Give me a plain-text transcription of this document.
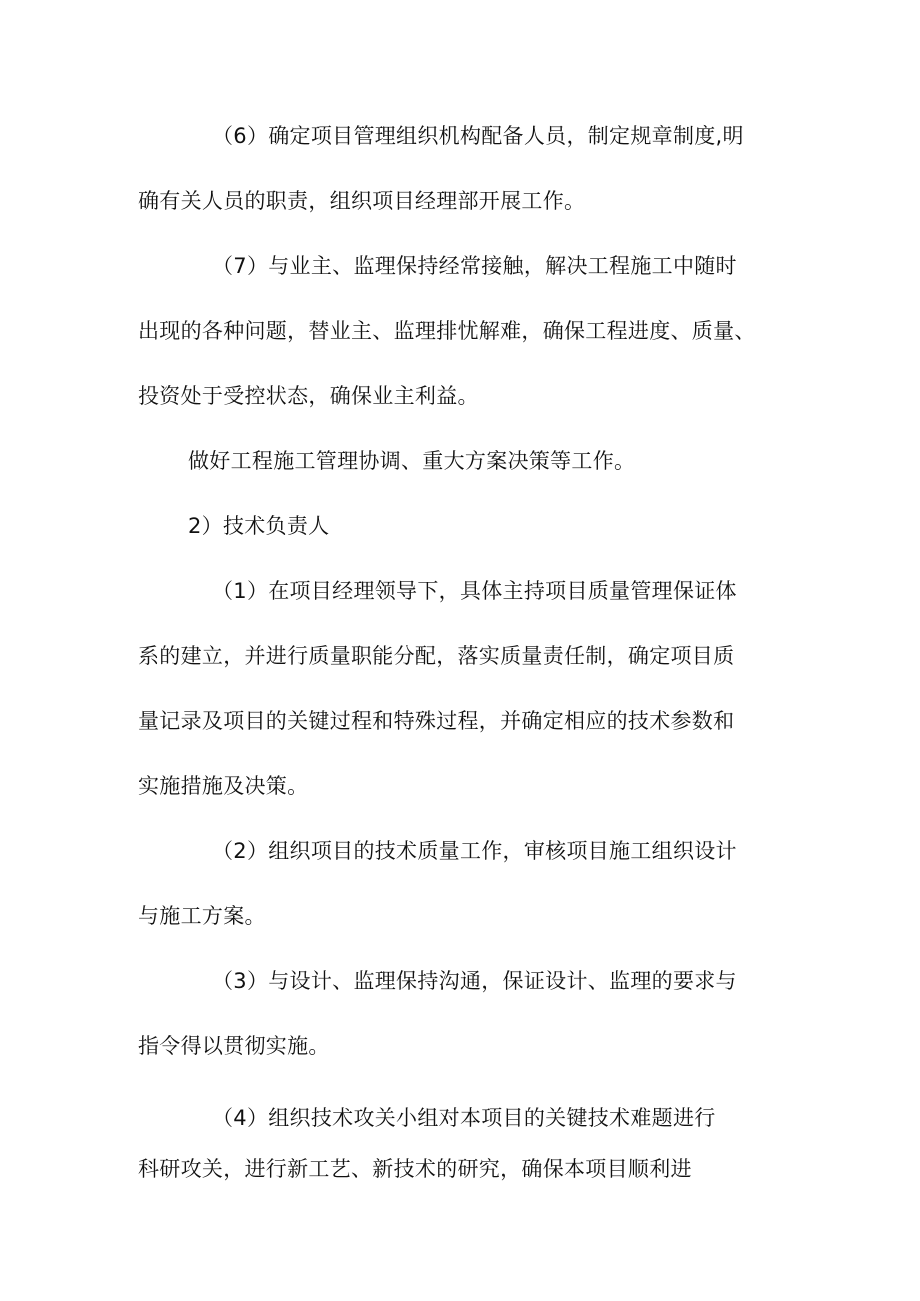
（6）确定项目管理组织机构配备人员，制定规章制度,明
确有关人员的职责，组织项目经理部开展工作。
（7）与业主、监理保持经常接触，解决工程施工中随时
出现的各种问题，替业主、监理排忧解难，确保工程进度、质量、
投资处于受控状态，确保业主利益。
做好工程施工管理协调、重大方案决策等工作。
2）技术负责人
（1）在项目经理领导下，具体主持项目质量管理保证体
系的建立，并进行质量职能分配，落实质量责任制，确定项目质
量记录及项目的关键过程和特殊过程，并确定相应的技术参数和
实施措施及决策。
（2）组织项目的技术质量工作，审核项目施工组织设计
与施工方案。
（3）与设计、监理保持沟通，保证设计、监理的要求与
指令得以贯彻实施。
（4）组织技术攻关小组对本项目的关键技术难题进行
科研攻关，进行新工艺、新技术的研究，确保本项目顺利进
